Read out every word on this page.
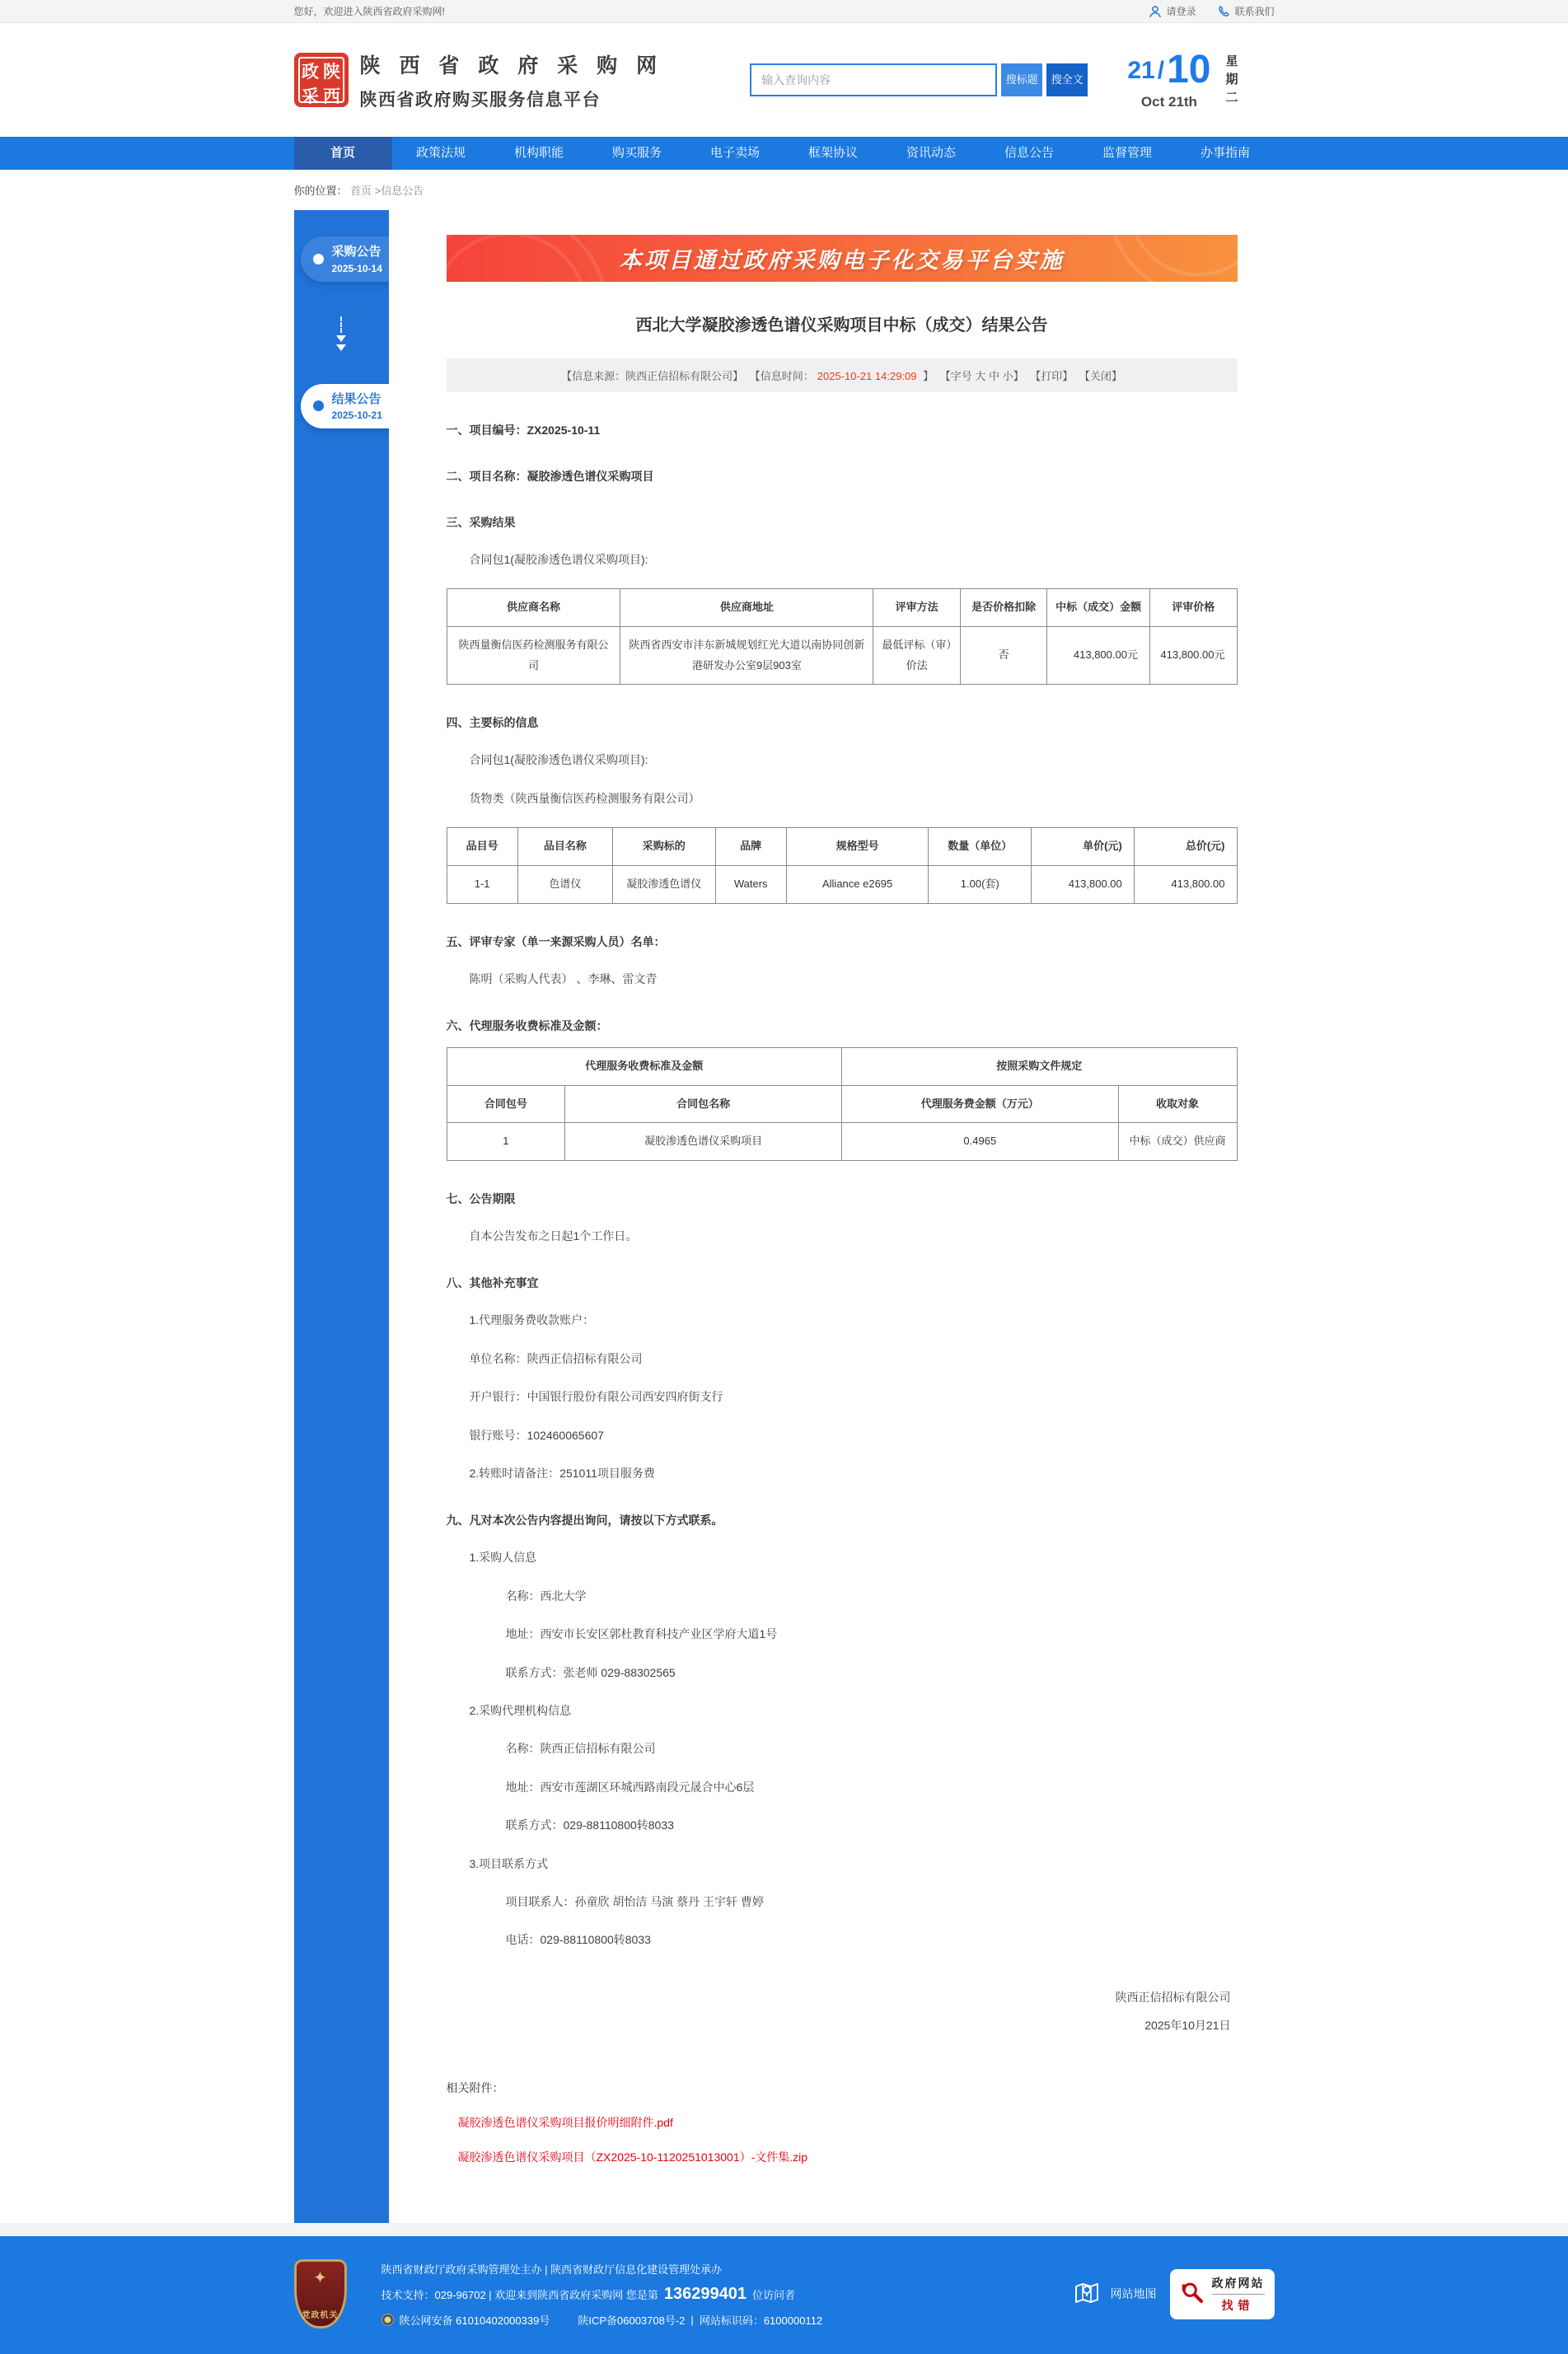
您好，欢迎进入陕西省政府采购网!	请登录	联系我们
政 陕
采 西
陕 西 省 政 府 采 购 网
陕西省政府购买服务信息平台
输入查询内容
搜标题	搜全文 21 / 10
Oct 21th	星期二
首页	政策法规	机构职能	购买服务	电子卖场	框架协议	资讯动态	信息公告	监督管理	办事指南
你的位置： 首页 >信息公告
采购公告
2025-10-14
结果公告
2025-10-21
本项目通过政府采购电子化交易平台实施
西北大学凝胶渗透色谱仪采购项目中标（成交）结果公告
【信息来源：陕西正信招标有限公司】 【信息时间： 2025-10-21 14:29:09 】 【字号 大 中 小】 【打印】 【关闭】
一、项目编号：ZX2025-10-11
二、项目名称：凝胶渗透色谱仪采购项目
三、采购结果
合同包1(凝胶渗透色谱仪采购项目):
供应商名称	供应商地址	评审方法	是否价格扣除	中标（成交）金额	评审价格
陕西量衡信医药检测服务有限公司	陕西省西安市沣东新城规划红光大道以南协同创新港研发办公室9层903室	最低评标（审）价法	否	413,800.00元	413,800.00元
四、主要标的信息
合同包1(凝胶渗透色谱仪采购项目):
货物类（陕西量衡信医药检测服务有限公司）
品目号	品目名称	采购标的	品牌	规格型号	数量（单位）	单价(元)	总价(元)
1-1	色谱仪	凝胶渗透色谱仪	Waters	Alliance e2695	1.00(套)	413,800.00	413,800.00
五、评审专家（单一来源采购人员）名单：
陈明（采购人代表） 、李琳、雷文青
六、代理服务收费标准及金额：
代理服务收费标准及金额		按照采购文件规定	
合同包号	合同包名称	代理服务费金额（万元）	收取对象
1	凝胶渗透色谱仪采购项目	0.4965	中标（成交）供应商
七、公告期限
自本公告发布之日起1个工作日。
八、其他补充事宜
1.代理服务费收款账户：
单位名称：陕西正信招标有限公司
开户银行：中国银行股份有限公司西安四府街支行
银行账号：102460065607
2.转账时请备注：251011项目服务费
九、凡对本次公告内容提出询问，请按以下方式联系。
1.采购人信息
名称：西北大学
地址：西安市长安区郭杜教育科技产业区学府大道1号
联系方式：张老师 029-88302565
2.采购代理机构信息
名称：陕西正信招标有限公司
地址：西安市莲湖区环城西路南段元晟合中心6层
联系方式：029-88110800转8033
3.项目联系方式
项目联系人：孙童欣 胡怡洁 马演 蔡丹 王宇轩 曹婷
电话：029-88110800转8033
陕西正信招标有限公司
2025年10月21日
相关附件：
凝胶渗透色谱仪采购项目报价明细附件.pdf
凝胶渗透色谱仪采购项目（ZX2025-10-1120251013001）-文件集.zip
✦
党政机关
陕西省财政厅政府采购管理处主办 | 陕西省财政厅信息化建设管理处承办
技术支持：029-96702 | 欢迎来到陕西省政府采购网 您是第 136299401 位访问者
陕公网安备 61010402000339号	陕ICP备06003708号-2 | 网站标识码：6100000112
网站地图
政府网站
找错
